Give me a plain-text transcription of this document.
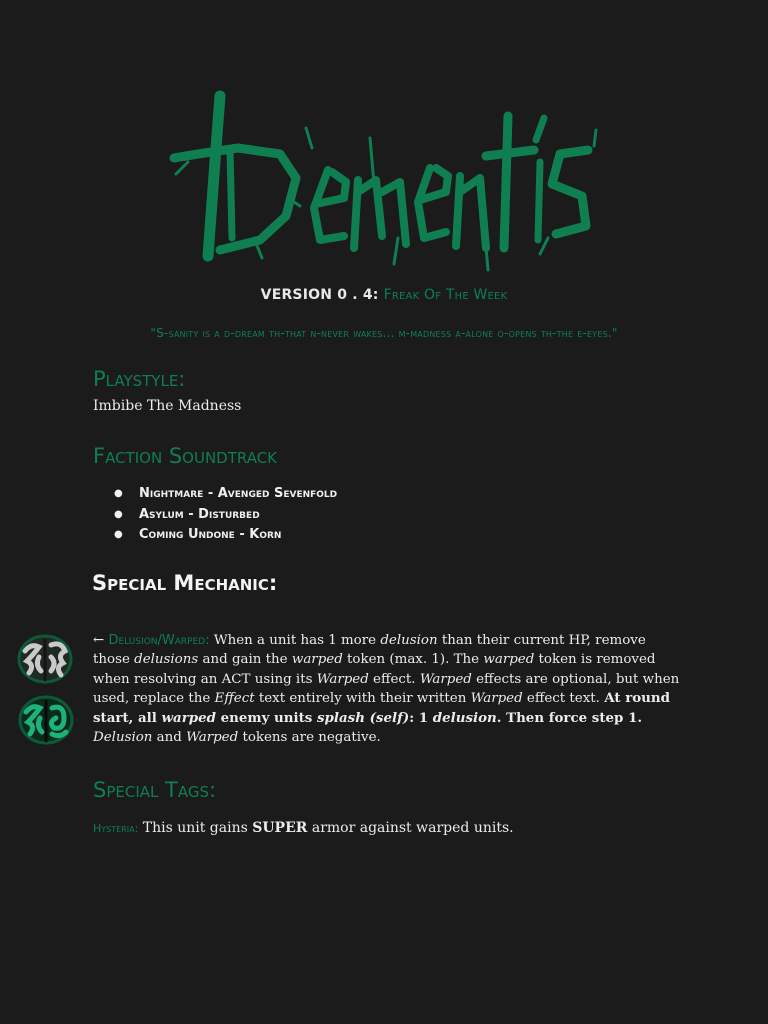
VERSION 0 . 4: Freak Of The Week
"S-sanity is a d-dream th-that n-never wakes... m-madness a-alone o-opens th-the e-eyes."
Playstyle:
Imbibe The Madness
Faction Soundtrack
●	Nightmare - Avenged Sevenfold
●	Asylum - Disturbed
●	Coming Undone - Korn
Special Mechanic:
← Delusion/Warped: When a unit has 1 more delusion than their current HP, remove those delusions and gain the warped token (max. 1). The warped token is removed when resolving an ACT using its Warped effect. Warped effects are optional, but when used, replace the Effect text entirely with their written Warped effect text. At round start, all warped enemy units splash (self): 1 delusion. Then force step 1. Delusion and Warped tokens are negative.
Special Tags:
Hysteria: This unit gains SUPER armor against warped units.
